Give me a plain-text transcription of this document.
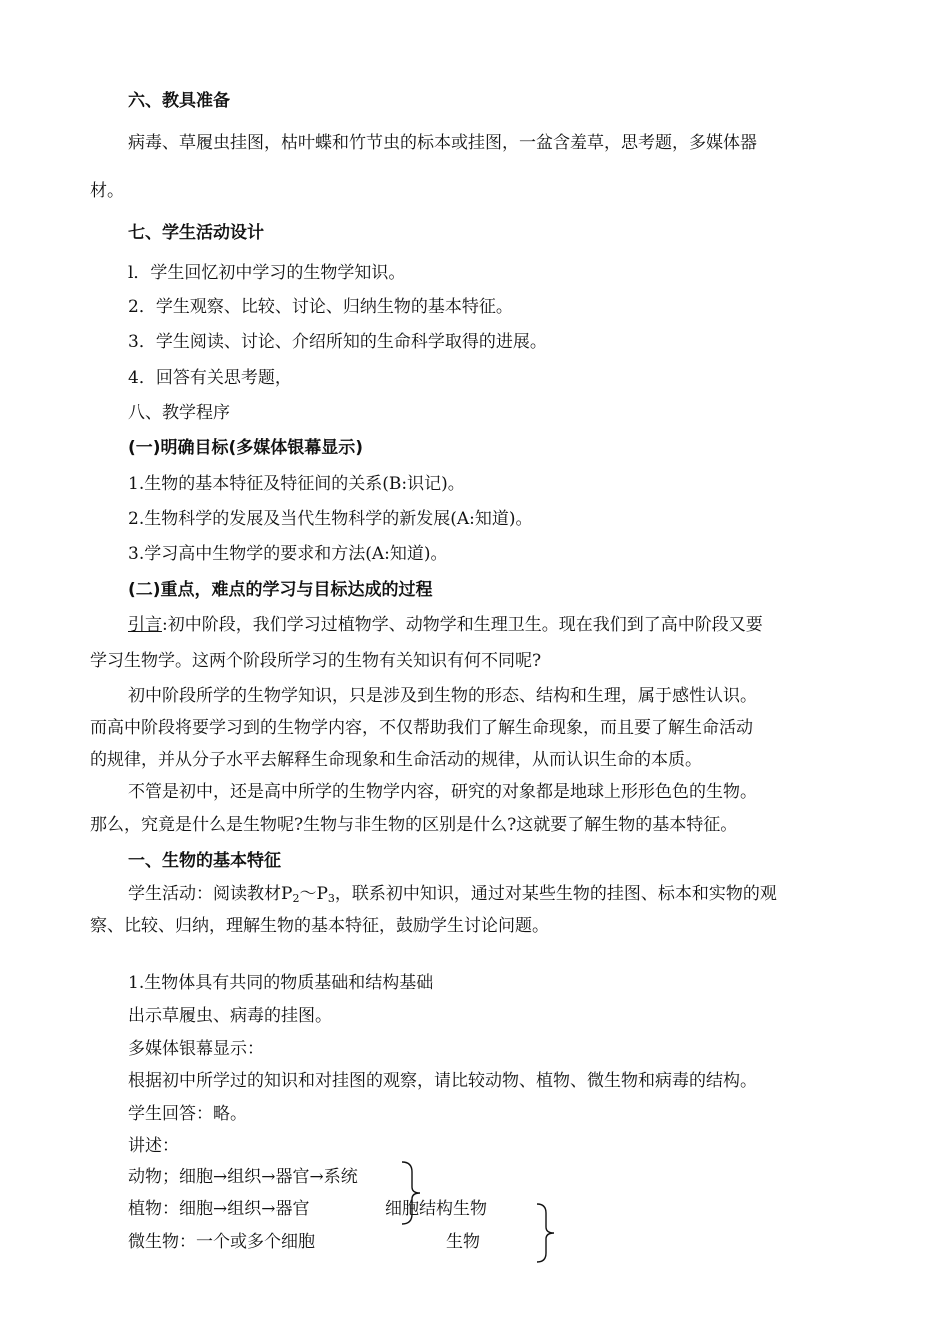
六、教具准备
病毒、草履虫挂图，枯叶蝶和竹节虫的标本或挂图，一盆含羞草，思考题，多媒体器
材。
七、学生活动设计
l．学生回忆初中学习的生物学知识。
2．学生观察、比较、讨论、归纳生物的基本特征。
3．学生阅读、讨论、介绍所知的生命科学取得的进展。
4．回答有关思考题，
八、教学程序
(一)明确目标(多媒体银幕显示)
1.生物的基本特征及特征间的关系(B:识记)。
2.生物科学的发展及当代生物科学的新发展(A:知道)。
3.学习高中生物学的要求和方法(A:知道)。
(二)重点，难点的学习与目标达成的过程
引言:初中阶段，我们学习过植物学、动物学和生理卫生。现在我们到了高中阶段又要
学习生物学。这两个阶段所学习的生物有关知识有何不同呢?
初中阶段所学的生物学知识，只是涉及到生物的形态、结构和生理，属于感性认识。
而高中阶段将要学习到的生物学内容，不仅帮助我们了解生命现象，而且要了解生命活动
的规律，并从分子水平去解释生命现象和生命活动的规律，从而认识生命的本质。
不管是初中，还是高中所学的生物学内容，研究的对象都是地球上形形色色的生物。
那么，究竟是什么是生物呢?生物与非生物的区别是什么?这就要了解生物的基本特征。
一、生物的基本特征
学生活动：阅读教材$P_2\sim P_3$，联系初中知识，通过对某些生物的挂图、标本和实物的观
察、比较、归纳，理解生物的基本特征，鼓励学生讨论问题。
1.生物体具有共同的物质基础和结构基础
出示草履虫、病毒的挂图。
多媒体银幕显示：
根据初中所学过的知识和对挂图的观察，请比较动物、植物、微生物和病毒的结构。
学生回答：略。
讲述：
动物；细胞→组织→器官→系统
植物：细胞→组织→器官	细胞结构生物
微生物：一个或多个细胞	生物
